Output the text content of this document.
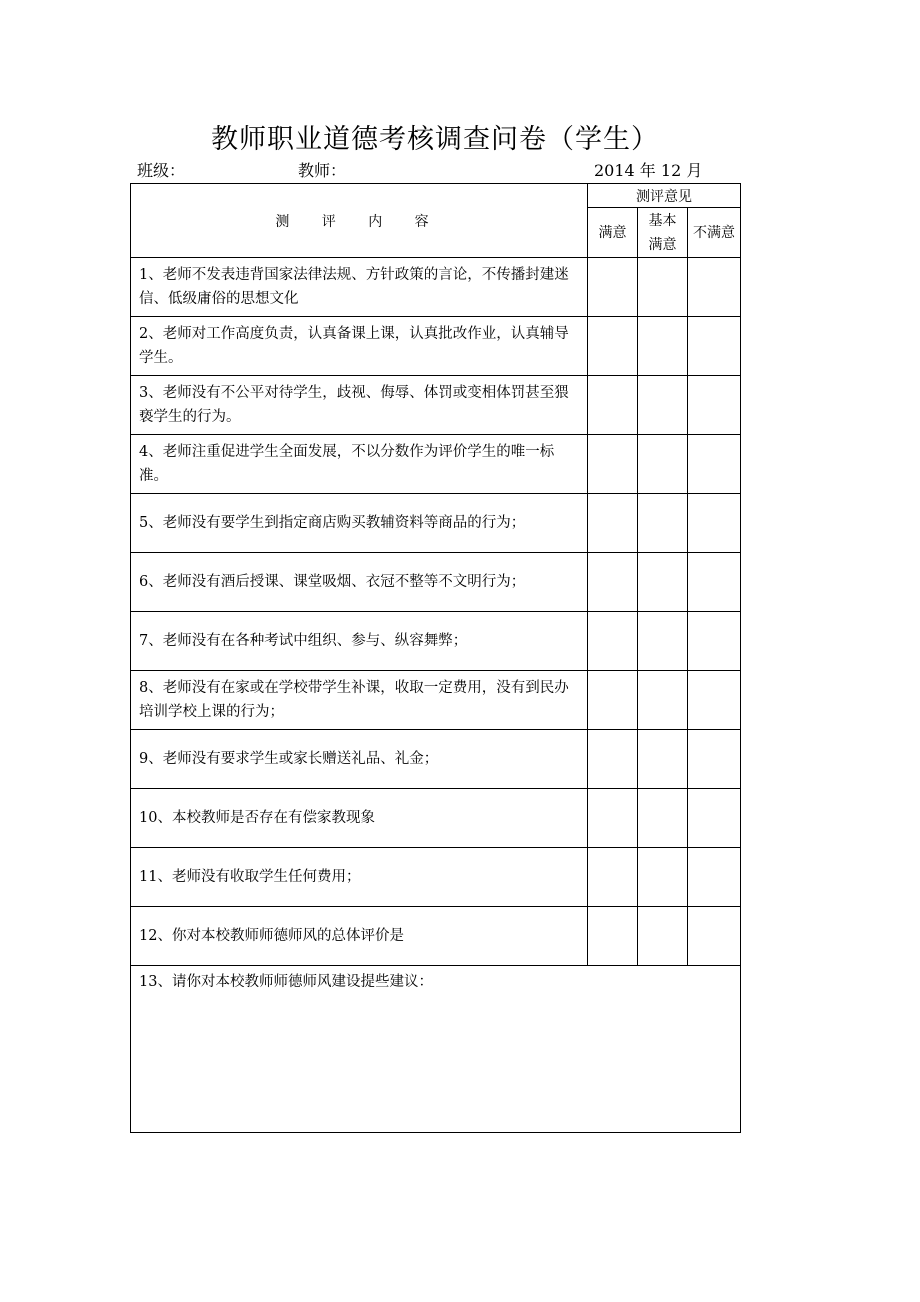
教师职业道德考核调查问卷（学生）
班级：	教师：	2014 年 12 月
测 评 内 容	测评意见		
	满意	基本满意	不满意
1、老师不发表违背国家法律法规、方针政策的言论，不传播封建迷信、低级庸俗的思想文化			
2、老师对工作高度负责，认真备课上课，认真批改作业，认真辅导学生。			
3、老师没有不公平对待学生，歧视、侮辱、体罚或变相体罚甚至猥亵学生的行为。			
4、老师注重促进学生全面发展，不以分数作为评价学生的唯一标准。			
5、老师没有要学生到指定商店购买教辅资料等商品的行为；			
6、老师没有酒后授课、课堂吸烟、衣冠不整等不文明行为；			
7、老师没有在各种考试中组织、参与、纵容舞弊；			
8、老师没有在家或在学校带学生补课，收取一定费用，没有到民办培训学校上课的行为；			
9、老师没有要求学生或家长赠送礼品、礼金；			
10、本校教师是否存在有偿家教现象			
11、老师没有收取学生任何费用；			
12、你对本校教师师德师风的总体评价是			
13、请你对本校教师师德师风建设提些建议：			
